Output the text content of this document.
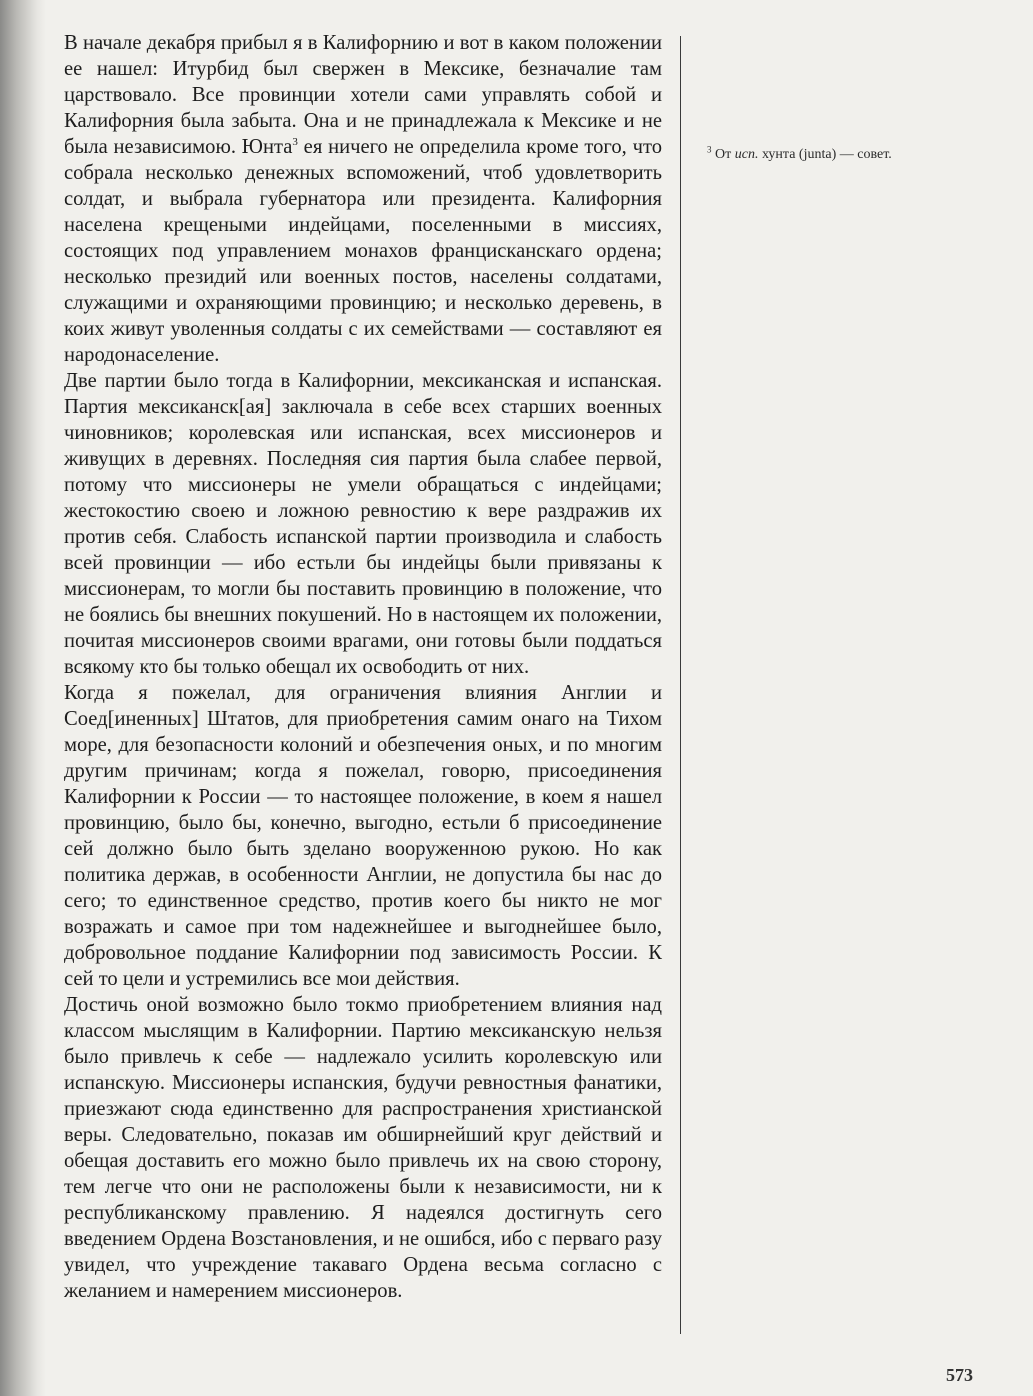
В начале декабря прибыл я в Калифорнию и вот в каком положении ее нашел: Итурбид был свержен в Мексике, безначалие там царствовало. Все провинции хотели сами управлять собой и Калифорния была забыта. Она и не принадлежала к Мексике и не была независимою. Юнта$^3$ ея ничего не определила кроме того, что собрала несколько денежных вспоможений, чтоб удовлетворить солдат, и выбрала губернатора или президента. Калифорния населена крещеными индейцами, поселенными в миссиях, состоящих под управлением монахов францисканскаго ордена; несколько президий или военных постов, населены солдатами, служащими и охраняющими провинцию; и несколько деревень, в коих живут уволенныя солдаты с их семействами — составляют ея народонаселение.

Две партии было тогда в Калифорнии, мексиканская и испанская. Партия мексиканск[ая] заключала в себе всех старших военных чиновников; королевская или испанская, всех миссионеров и живущих в деревнях. Последняя сия партия была слабее первой, потому что миссионеры не умели обращаться с индейцами; жестокостию своею и ложною ревностию к вере раздражив их против себя. Слабость испанской партии производила и слабость всей провинции — ибо естьли бы индейцы были привязаны к миссионерам, то могли бы поставить провинцию в положение, что не боялись бы внешних покушений. Но в настоящем их положении, почитая миссионеров своими врагами, они готовы были поддаться всякому кто бы только обещал их освободить от них.

Когда я пожелал, для ограничения влияния Англии и Соед[иненных] Штатов, для приобретения самим онаго на Тихом море, для безопасности колоний и обезпечения оных, и по многим другим причинам; когда я пожелал, говорю, присоединения Калифорнии к России — то настоящее положение, в коем я нашел провинцию, было бы, конечно, выгодно, естьли б присоединение сей должно было быть зделано вооруженною рукою. Но как политика держав, в особенности Англии, не допустила бы нас до сего; то единственное средство, против коего бы никто не мог возражать и самое при том надежнейшее и выгоднейшее было, добровольное поддание Калифорнии под зависимость России. К сей то цели и устремились все мои действия.

Достичь оной возможно было токмо приобретением влияния над классом мыслящим в Калифорнии. Партию мексиканскую нельзя было привлечь к себе — надлежало усилить королевскую или испанскую. Миссионеры испанския, будучи ревностныя фанатики, приезжают сюда единственно для распространения христианской веры. Следовательно, показав им обширнейший круг действий и обещая доставить его можно было привлечь их на свою сторону, тем легче что они не расположены были к независимости, ни к республиканскому правлению. Я надеялся достигнуть сего введением Ордена Возстановления, и не ошибся, ибо с перваго разу увидел, что учреждение такаваго Ордена весьма согласно с желанием и намерением миссионеров.

$^3$ От исп. хунта (junta) — совет.
573
